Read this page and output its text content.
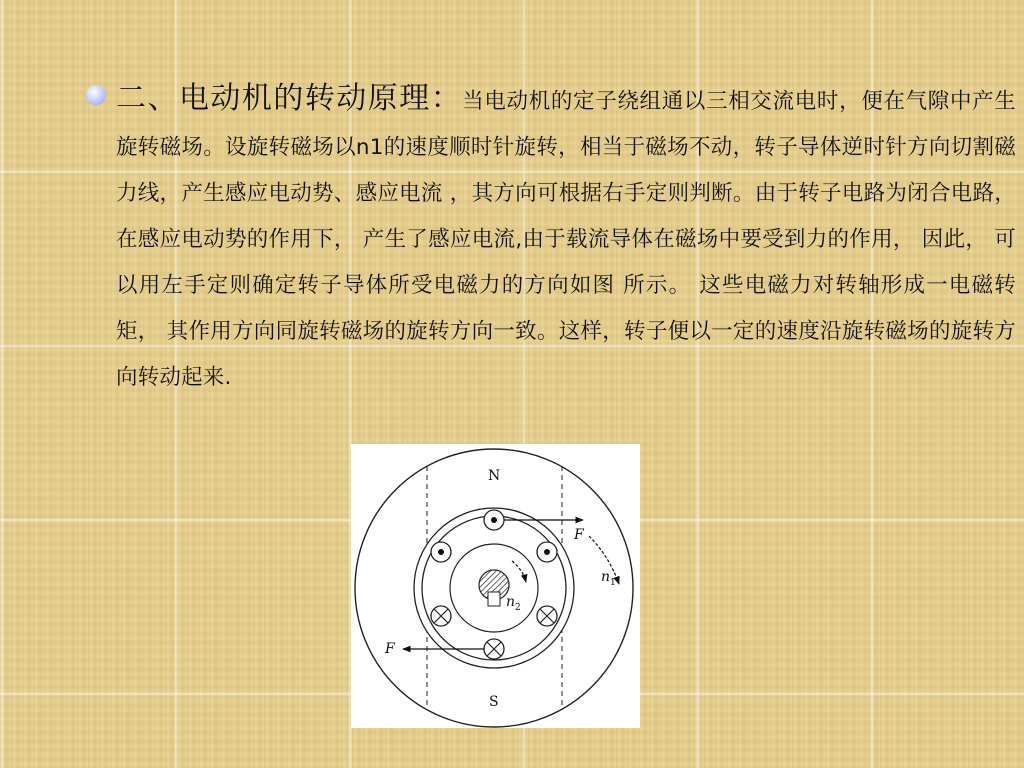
二、电动机的转动原理：当电动机的定子绕组通以三相交流电时，便在气隙中产生旋转磁场。设旋转磁场以n1的速度顺时针旋转，相当于磁场不动，转子导体逆时针方向切割磁力线，产生感应电动势、感应电流 ，其方向可根据右手定则判断。由于转子电路为闭合电路， 在感应电动势的作用下， 产生了感应电流,由于载流导体在磁场中要受到力的作用， 因此， 可以用左手定则确定转子导体所受电磁力的方向如图 所示。 这些电磁力对转轴形成一电磁转矩， 其作用方向同旋转磁场的旋转方向一致。这样，转子便以一定的速度沿旋转磁场的旋转方向转动起来.
N
S
F
F
n 1
n 2
